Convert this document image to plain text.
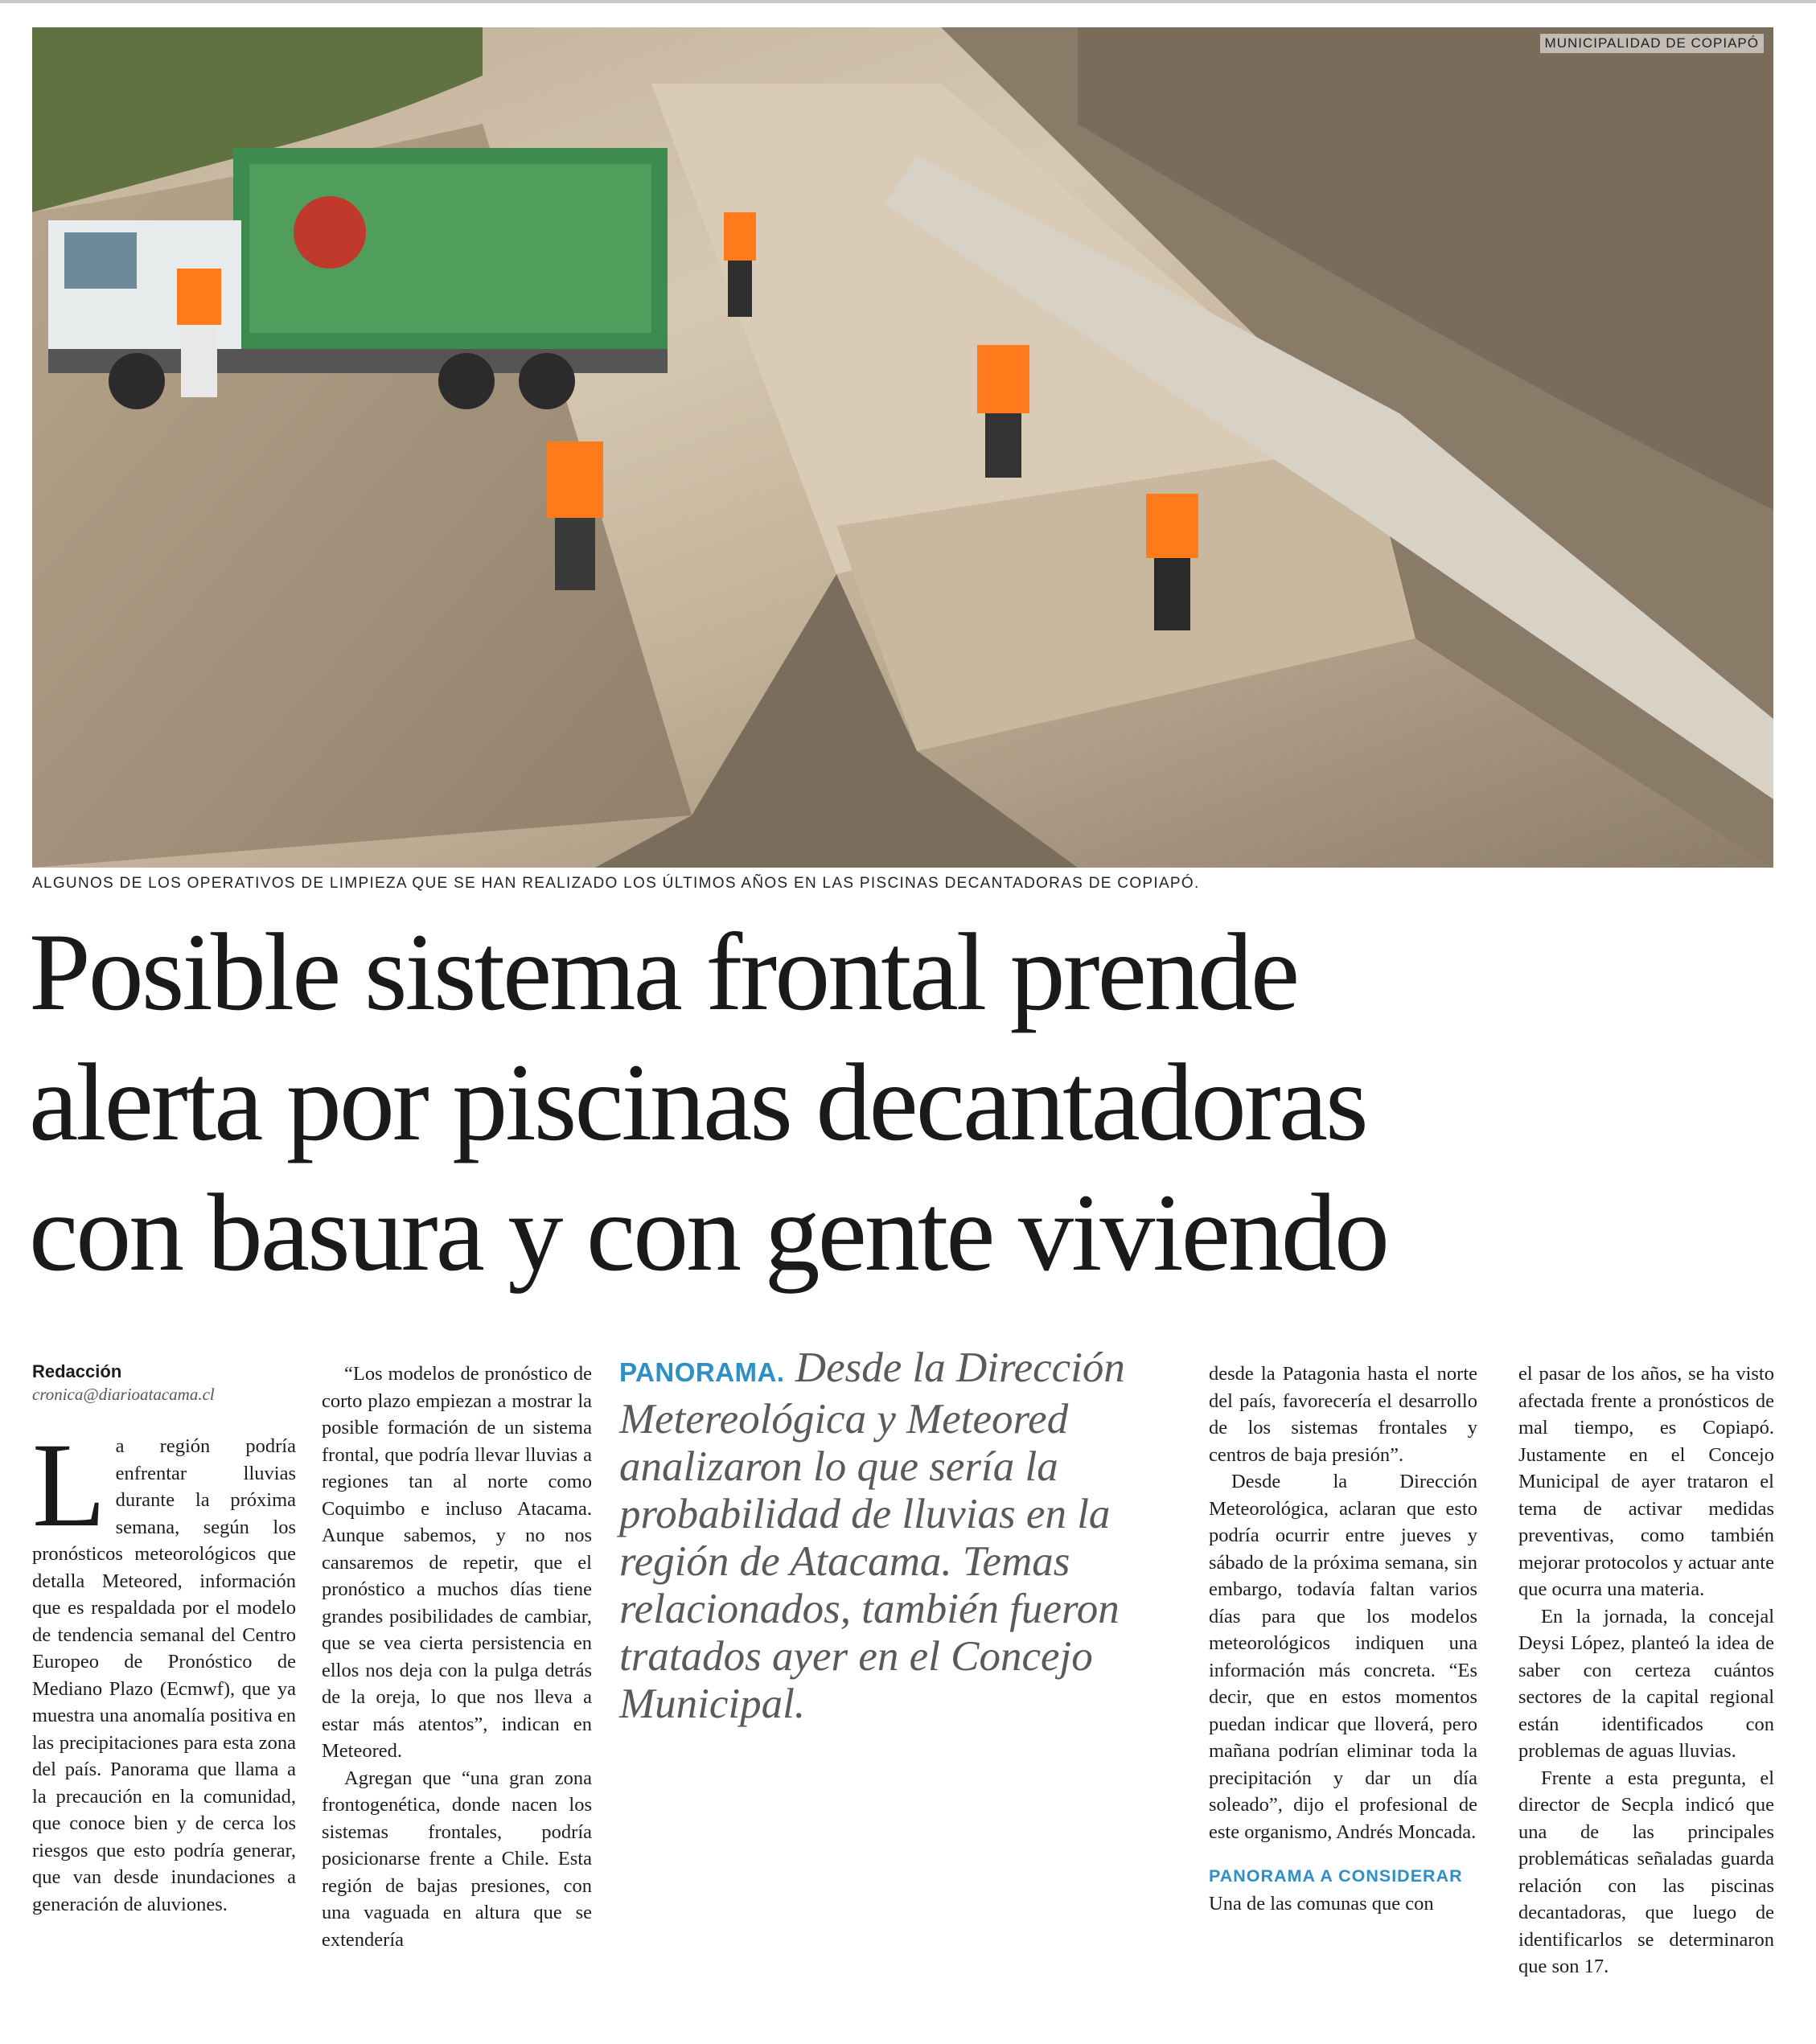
MUNICIPALIDAD DE COPIAPÓ
ALGUNOS DE LOS OPERATIVOS DE LIMPIEZA QUE SE HAN REALIZADO LOS ÚLTIMOS AÑOS EN LAS PISCINAS DECANTADORAS DE COPIAPÓ.
Posible sistema frontal prende
alerta por piscinas decantadoras
con basura y con gente viviendo

Redacción

cronica@diarioatacama.cl

La región podría enfrentar lluvias durante la próxima semana, según los pronósticos meteorológicos que detalla Meteored, información que es respaldada por el modelo de tendencia semanal del Centro Europeo de Pronóstico de Mediano Plazo (Ecmwf), que ya muestra una anomalía positiva en las precipitaciones para esta zona del país. Panorama que llama a la precaución en la comunidad, que conoce bien y de cerca los riesgos que esto podría generar, que van desde inundaciones a generación de aluviones.

“Los modelos de pronóstico de corto plazo empiezan a mostrar la posible formación de un sistema frontal, que podría llevar lluvias a regiones tan al norte como Coquimbo e incluso Atacama. Aunque sabemos, y no nos cansaremos de repetir, que el pronóstico a muchos días tiene grandes posibilidades de cambiar, que se vea cierta persistencia en ellos nos deja con la pulga detrás de la oreja, lo que nos lleva a estar más atentos”, indican en Meteored.

Agregan que “una gran zona frontogenética, donde nacen los sistemas frontales, podría posicionarse frente a Chile. Esta región de bajas presiones, con una vaguada en altura que se extendería

PANORAMA. Desde la Dirección Metereológica y Meteored analizaron lo que sería la probabilidad de lluvias en la región de Atacama. Temas relacionados, también fueron tratados ayer en el Concejo Municipal.

desde la Patagonia hasta el norte del país, favorecería el desarrollo de los sistemas frontales y centros de baja presión”.

Desde la Dirección Meteorológica, aclaran que esto podría ocurrir entre jueves y sábado de la próxima semana, sin embargo, todavía faltan varios días para que los modelos meteorológicos indiquen una información más concreta. “Es decir, que en estos momentos puedan indicar que lloverá, pero mañana podrían eliminar toda la precipitación y dar un día soleado”, dijo el profesional de este organismo, Andrés Moncada.

PANORAMA A CONSIDERAR

Una de las comunas que con

el pasar de los años, se ha visto afectada frente a pronósticos de mal tiempo, es Copiapó. Justamente en el Concejo Municipal de ayer trataron el tema de activar medidas preventivas, como también mejorar protocolos y actuar ante que ocurra una materia.

En la jornada, la concejal Deysi López, planteó la idea de saber con certeza cuántos sectores de la capital regional están identificados con problemas de aguas lluvias.

Frente a esta pregunta, el director de Secpla indicó que una de las principales problemáticas señaladas guarda relación con las piscinas decantadoras, que luego de identificarlos se determinaron que son 17.
